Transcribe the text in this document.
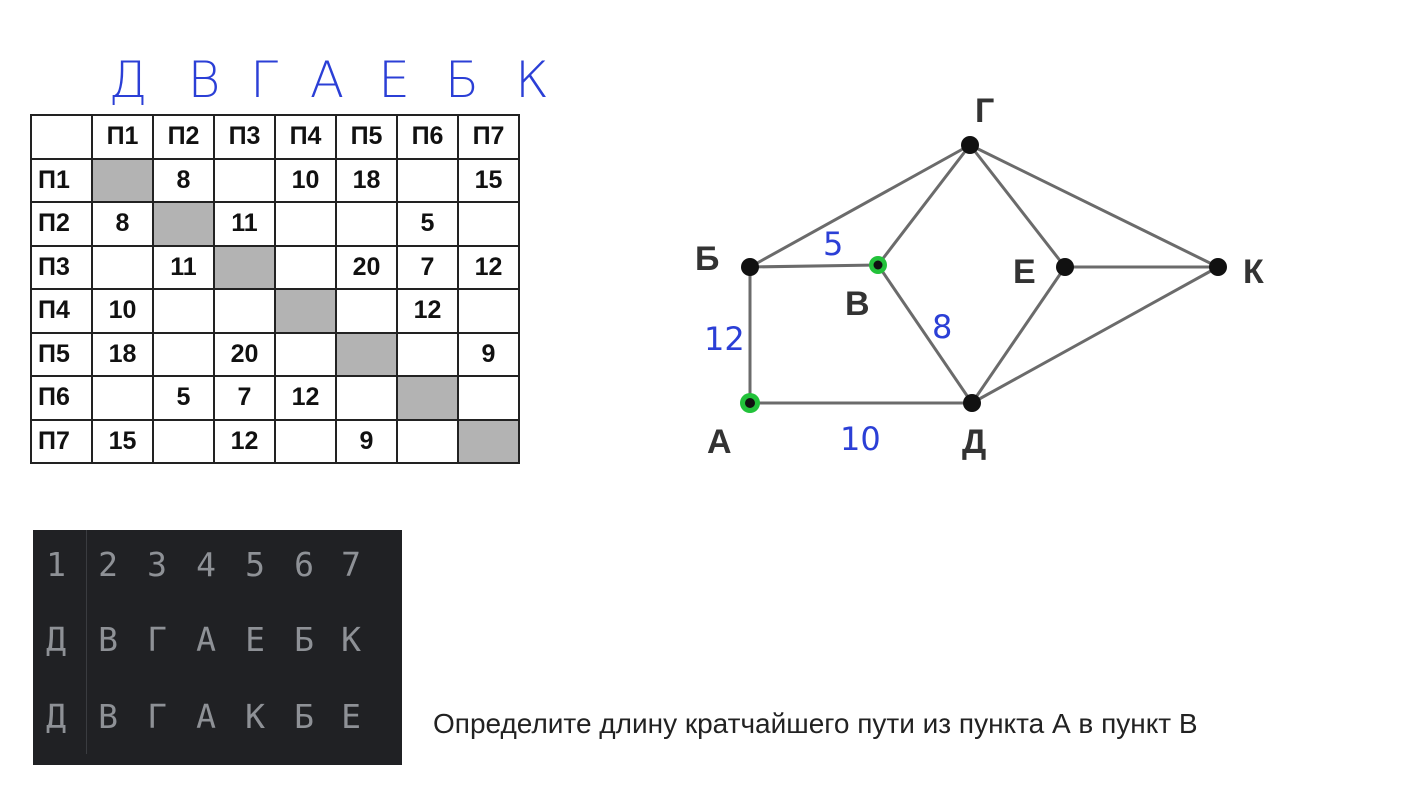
Д В Г А Е Б К
	П1	П2	П3	П4	П5	П6	П7
П1		8		10	18		15
П2	8		11			5	
П3		11			20	7	12
П4	10					12	
П5	18		20				9
П6		5	7	12			
П7	15		12		9		
Г
Б
В
Е	К
А	Д
5
12	8
10
1 2 3 4 5 6 7
Д В Г А Е Б К
Д В Г А К Б Е	Определите длину кратчайшего пути из пункта А в пункт В
